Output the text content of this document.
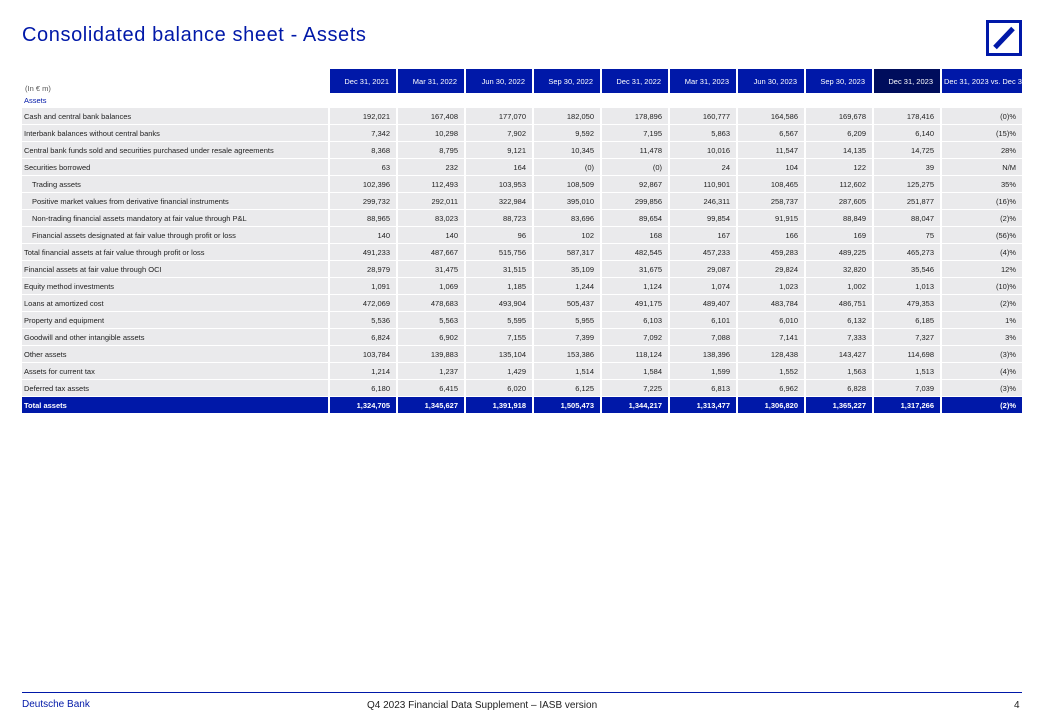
Consolidated balance sheet - Assets
(In € m)	Dec 31, 2021	Mar 31, 2022	Jun 30, 2022	Sep 30, 2022	Dec 31, 2022	Mar 31, 2023	Jun 30, 2023	Sep 30, 2023	Dec 31, 2023	Dec 31, 2023 vs. Dec 31, 2022
Assets										
Cash and central bank balances	192,021	167,408	177,070	182,050	178,896	160,777	164,586	169,678	178,416	(0)%
Interbank balances without central banks	7,342	10,298	7,902	9,592	7,195	5,863	6,567	6,209	6,140	(15)%
Central bank funds sold and securities purchased under resale agreements	8,368	8,795	9,121	10,345	11,478	10,016	11,547	14,135	14,725	28%
Securities borrowed	63	232	164	(0)	(0)	24	104	122	39	N/M
Trading assets	102,396	112,493	103,953	108,509	92,867	110,901	108,465	112,602	125,275	35%
Positive market values from derivative financial instruments	299,732	292,011	322,984	395,010	299,856	246,311	258,737	287,605	251,877	(16)%
Non-trading financial assets mandatory at fair value through P&L	88,965	83,023	88,723	83,696	89,654	99,854	91,915	88,849	88,047	(2)%
Financial assets designated at fair value through profit or loss	140	140	96	102	168	167	166	169	75	(56)%
Total financial assets at fair value through profit or loss	491,233	487,667	515,756	587,317	482,545	457,233	459,283	489,225	465,273	(4)%
Financial assets at fair value through OCI	28,979	31,475	31,515	35,109	31,675	29,087	29,824	32,820	35,546	12%
Equity method investments	1,091	1,069	1,185	1,244	1,124	1,074	1,023	1,002	1,013	(10)%
Loans at amortized cost	472,069	478,683	493,904	505,437	491,175	489,407	483,784	486,751	479,353	(2)%
Property and equipment	5,536	5,563	5,595	5,955	6,103	6,101	6,010	6,132	6,185	1%
Goodwill and other intangible assets	6,824	6,902	7,155	7,399	7,092	7,088	7,141	7,333	7,327	3%
Other assets	103,784	139,883	135,104	153,386	118,124	138,396	128,438	143,427	114,698	(3)%
Assets for current tax	1,214	1,237	1,429	1,514	1,584	1,599	1,552	1,563	1,513	(4)%
Deferred tax assets	6,180	6,415	6,020	6,125	7,225	6,813	6,962	6,828	7,039	(3)%
Total assets	1,324,705	1,345,627	1,391,918	1,505,473	1,344,217	1,313,477	1,306,820	1,365,227	1,317,266	(2)%
Deutsche Bank	Q4 2023 Financial Data Supplement – IASB version	4
